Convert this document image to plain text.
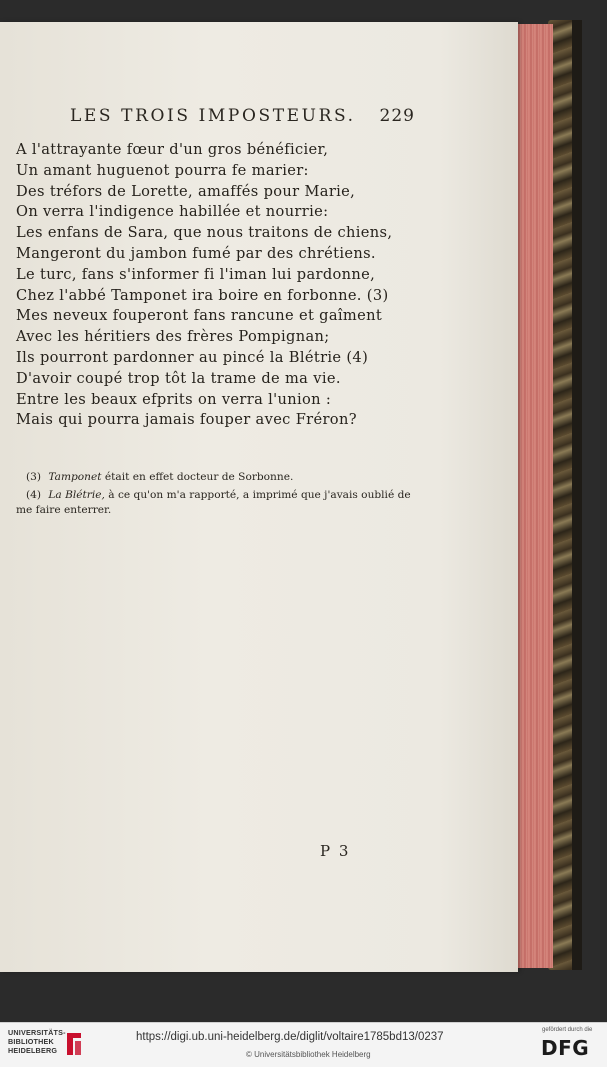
LES TROIS IMPOSTEURS. 229
A l'attrayante fœur d'un gros bénéficier,
Un amant huguenot pourra fe marier:
Des tréfors de Lorette, amaffés pour Marie,
On verra l'indigence habillée et nourrie:
Les enfans de Sara, que nous traitons de chiens,
Mangeront du jambon fumé par des chrétiens.
Le turc, fans s'informer fi l'iman lui pardonne,
Chez l'abbé Tamponet ira boire en forbonne. (3)
Mes neveux fouperont fans rancune et gaîment
Avec les héritiers des frères Pompignan;
Ils pourront pardonner au pincé la Blétrie (4)
D'avoir coupé trop tôt la trame de ma vie.
Entre les beaux efprits on verra l'union :
Mais qui pourra jamais fouper avec Fréron?

(3) Tamponet était en effet docteur de Sorbonne.

(4) La Blétrie, à ce qu'on m'a rapporté, a imprimé que j'avais oublié de me faire enterrer.

P 3
UNIVERSITÄTS-
BIBLIOTHEK
HEIDELBERG
https://digi.ub.uni-heidelberg.de/diglit/voltaire1785bd13/0237
© Universitätsbibliothek Heidelberg
gefördert durch die
DFG
